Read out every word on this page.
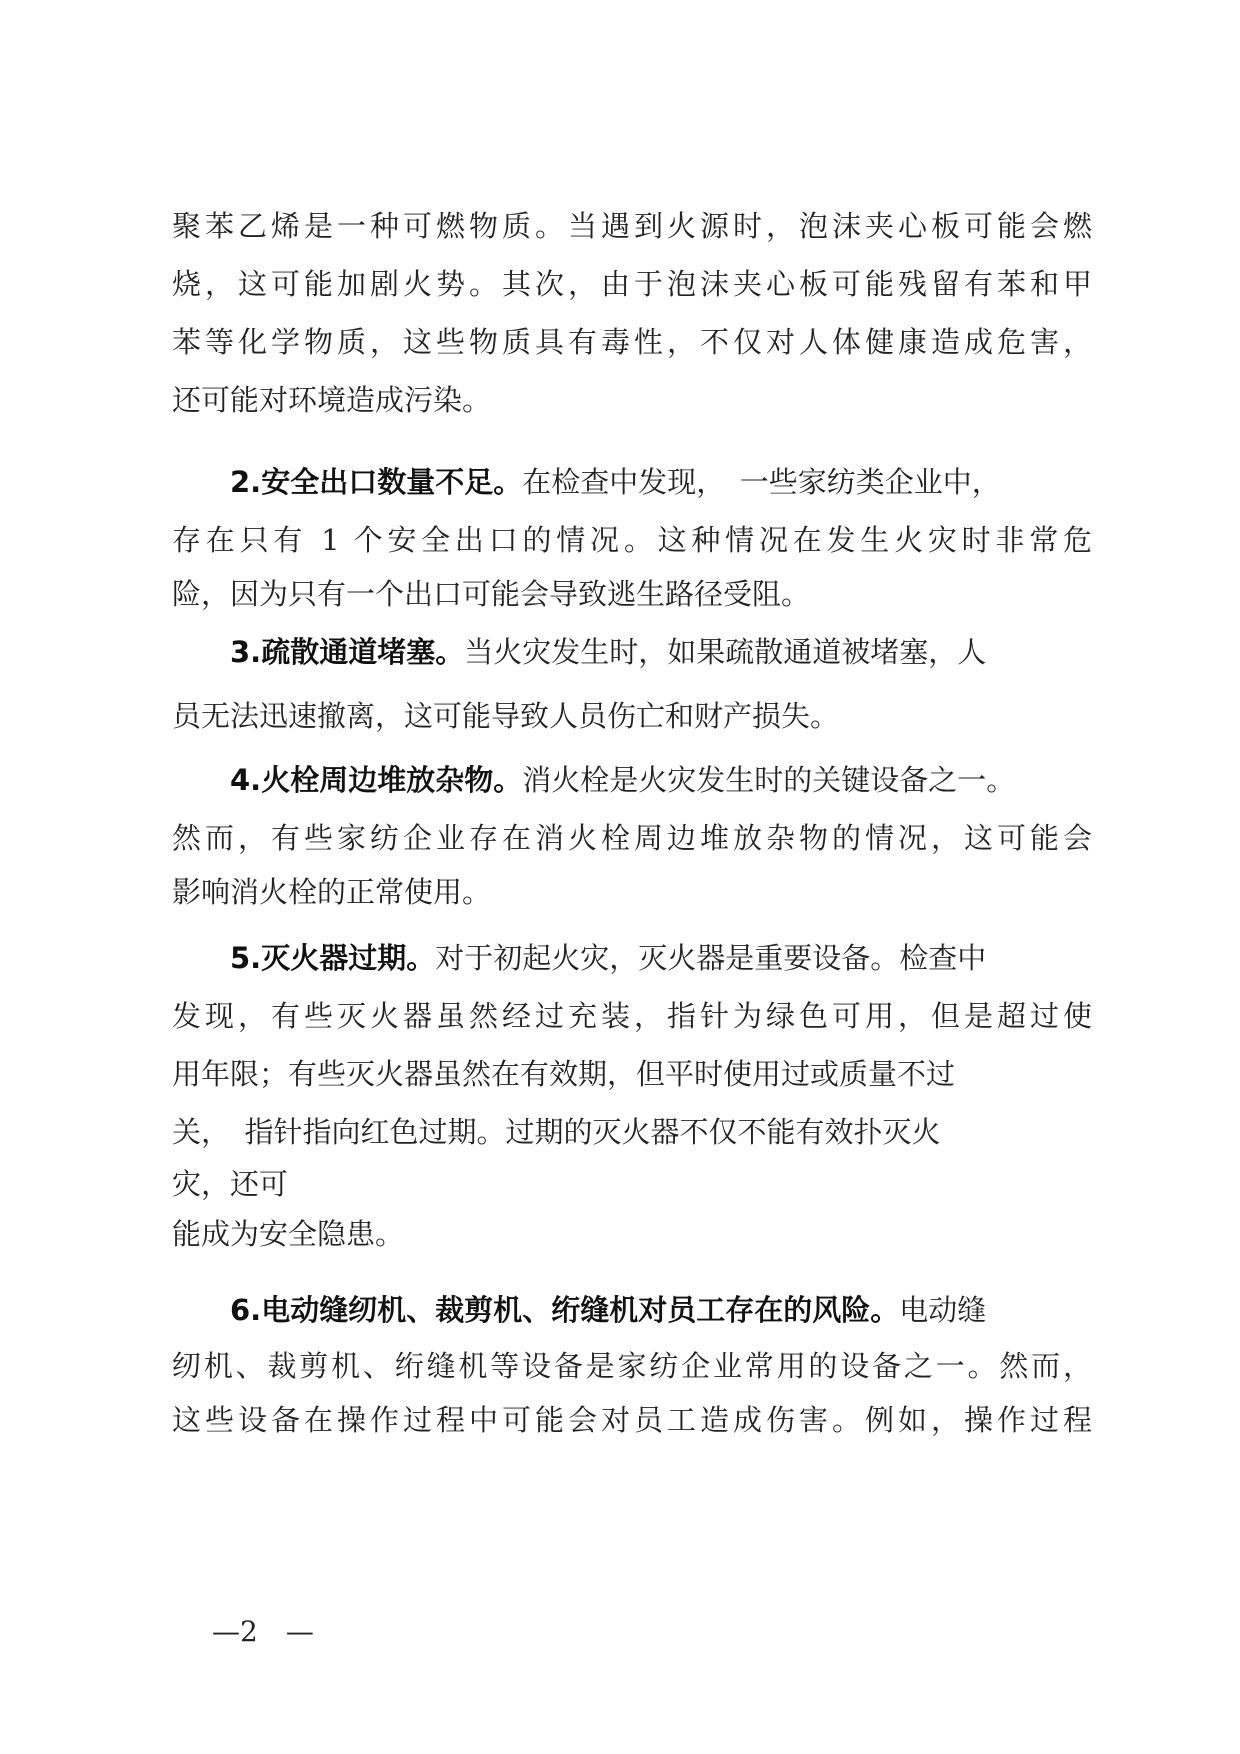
聚苯乙烯是一种可燃物质。当遇到火源时，泡沫夹心板可能会燃
烧，这可能加剧火势。其次，由于泡沫夹心板可能残留有苯和甲
苯等化学物质，这些物质具有毒性，不仅对人体健康造成危害，
还可能对环境造成污染。
2.安全出口数量不足。在检查中发现，　一些家纺类企业中，
存在只有 1 个安全出口的情况。这种情况在发生火灾时非常危
险，因为只有一个出口可能会导致逃生路径受阻。
3.疏散通道堵塞。当火灾发生时，如果疏散通道被堵塞，人
员无法迅速撤离，这可能导致人员伤亡和财产损失。
4.火栓周边堆放杂物。消火栓是火灾发生时的关键设备之一。
然而，有些家纺企业存在消火栓周边堆放杂物的情况，这可能会
影响消火栓的正常使用。
5.灭火器过期。对于初起火灾，灭火器是重要设备。检查中
发现，有些灭火器虽然经过充装，指针为绿色可用，但是超过使
用年限；有些灭火器虽然在有效期，但平时使用过或质量不过
关，　指针指向红色过期。过期的灭火器不仅不能有效扑灭火
灾，还可
能成为安全隐患。
6.电动缝纫机、裁剪机、绗缝机对员工存在的风险。电动缝
纫机、裁剪机、绗缝机等设备是家纺企业常用的设备之一。然而，
这些设备在操作过程中可能会对员工造成伤害。例如，操作过程
—2　—
